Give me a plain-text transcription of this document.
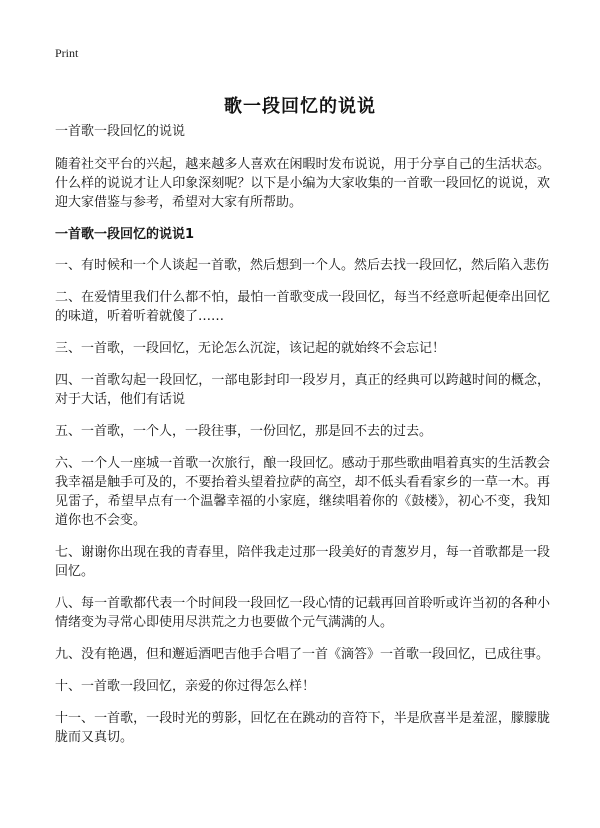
Print
歌一段回忆的说说

一首歌一段回忆的说说

随着社交平台的兴起，越来越多人喜欢在闲暇时发布说说，用于分享自己的生活状态。什么样的说说才让人印象深刻呢？以下是小编为大家收集的一首歌一段回忆的说说，欢迎大家借鉴与参考，希望对大家有所帮助。

一首歌一段回忆的说说1

一、有时候和一个人谈起一首歌，然后想到一个人。然后去找一段回忆，然后陷入悲伤

二、在爱情里我们什么都不怕，最怕一首歌变成一段回忆，每当不经意听起便牵出回忆的味道，听着听着就傻了……

三、一首歌，一段回忆，无论怎么沉淀，该记起的就始终不会忘记！

四、一首歌勾起一段回忆，一部电影封印一段岁月，真正的经典可以跨越时间的概念，对于大话，他们有话说

五、一首歌，一个人，一段往事，一份回忆，那是回不去的过去。

六、一个人一座城一首歌一次旅行，酿一段回忆。感动于那些歌曲唱着真实的生活教会我幸福是触手可及的，不要抬着头望着拉萨的高空，却不低头看看家乡的一草一木。再见雷子，希望早点有一个温馨幸福的小家庭，继续唱着你的《鼓楼》，初心不变，我知道你也不会变。

七、谢谢你出现在我的青春里，陪伴我走过那一段美好的青葱岁月，每一首歌都是一段回忆。

八、每一首歌都代表一个时间段一段回忆一段心情的记载再回首聆听或许当初的各种小情绪变为寻常心即使用尽洪荒之力也要做个元气满满的人。

九、没有艳遇，但和邂逅酒吧吉他手合唱了一首《滴答》一首歌一段回忆，已成往事。

十、一首歌一段回忆，亲爱的你过得怎么样！

十一、一首歌，一段时光的剪影，回忆在在跳动的音符下，半是欣喜半是羞涩，朦朦胧胧而又真切。
